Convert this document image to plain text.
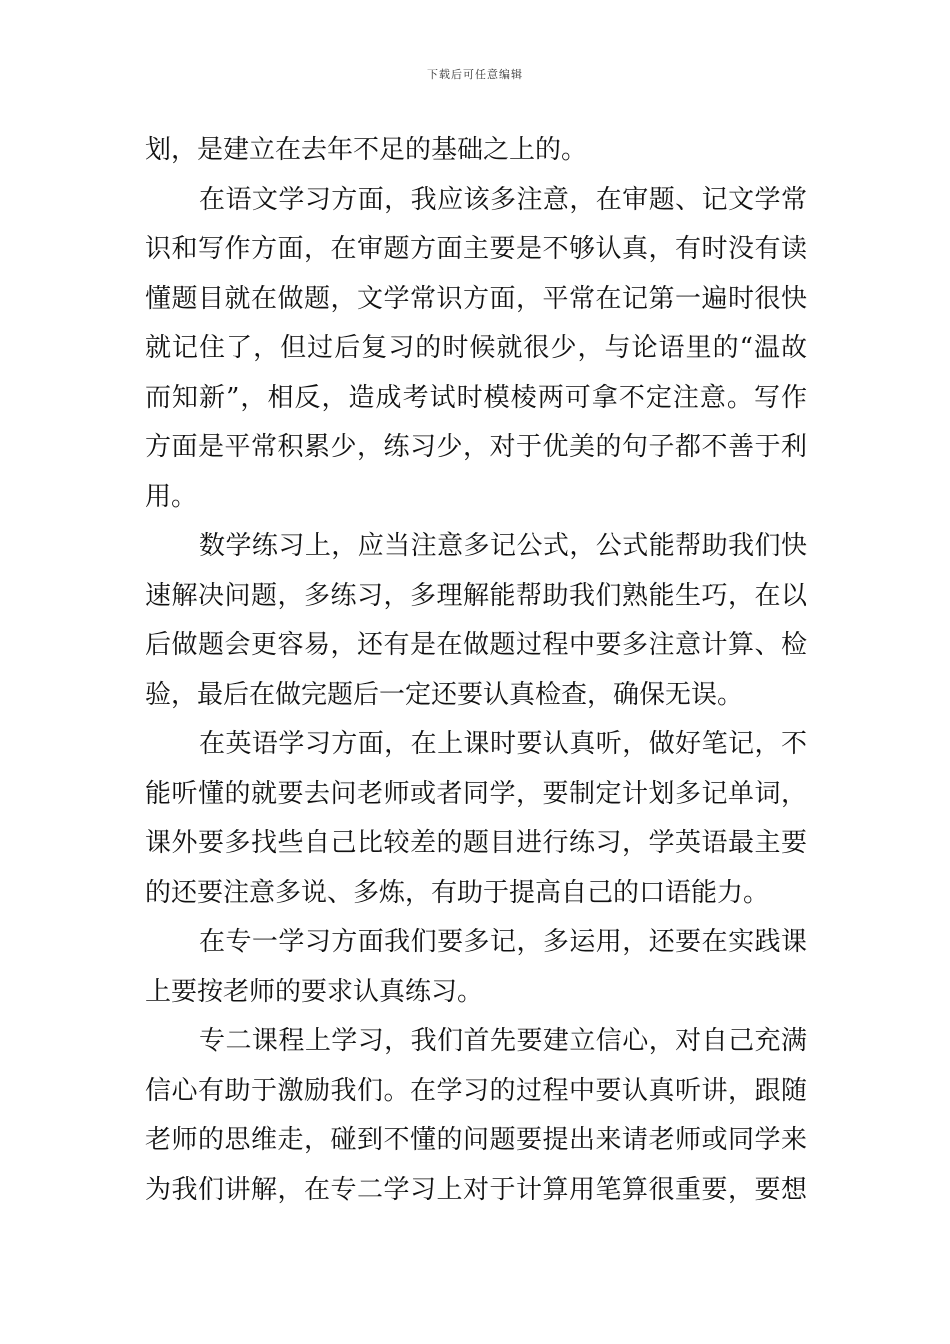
下载后可任意编辑
划，是建立在去年不足的基础之上的。
在语文学习方面，我应该多注意，在审题、记文学常
识和写作方面，在审题方面主要是不够认真，有时没有读
懂题目就在做题，文学常识方面，平常在记第一遍时很快
就记住了，但过后复习的时候就很少，与论语里的“温故
而知新”，相反，造成考试时模棱两可拿不定注意。写作
方面是平常积累少，练习少，对于优美的句子都不善于利
用。
数学练习上，应当注意多记公式，公式能帮助我们快
速解决问题，多练习，多理解能帮助我们熟能生巧，在以
后做题会更容易，还有是在做题过程中要多注意计算、检
验，最后在做完题后一定还要认真检查，确保无误。
在英语学习方面，在上课时要认真听，做好笔记，不
能听懂的就要去问老师或者同学，要制定计划多记单词，
课外要多找些自己比较差的题目进行练习，学英语最主要
的还要注意多说、多炼，有助于提高自己的口语能力。
在专一学习方面我们要多记，多运用，还要在实践课
上要按老师的要求认真练习。
专二课程上学习，我们首先要建立信心，对自己充满
信心有助于激励我们。在学习的过程中要认真听讲，跟随
老师的思维走，碰到不懂的问题要提出来请老师或同学来
为我们讲解，在专二学习上对于计算用笔算很重要，要想
